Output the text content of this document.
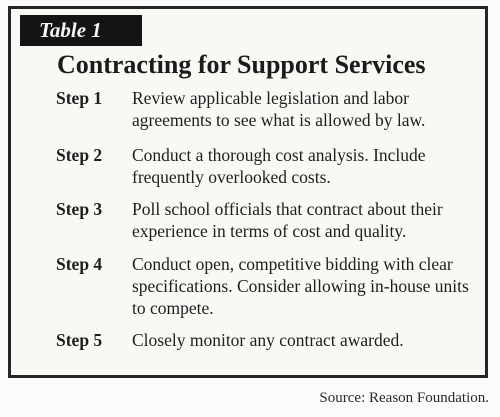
Table 1
Contracting for Support Services
Step 1	Review applicable legislation and labor agreements to see what is allowed by law.
Step 2	Conduct a thorough cost analysis. Include frequently overlooked costs.
Step 3	Poll school officials that contract about their experience in terms of cost and quality.
Step 4	Conduct open, competitive bidding with clear specifications. Consider allowing in-house units to compete.
Step 5	Closely monitor any contract awarded.
Source: Reason Foundation.
